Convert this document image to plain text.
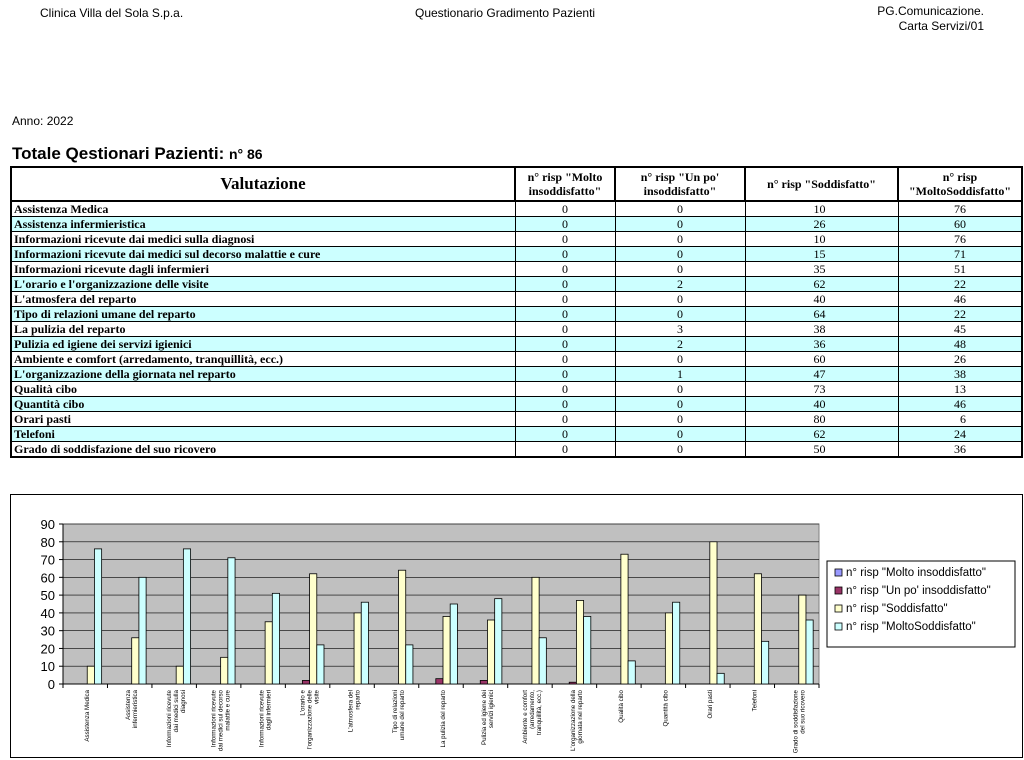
Clinica Villa del Sola S.p.a.	Questionario Gradimento Pazienti	PG.Comunicazione.
Carta Servizi/01
Anno: 2022
Totale Qestionari Pazienti: n° 86
Valutazione	n° risp "Molto insoddisfatto"	n° risp "Un po' insoddisfatto"	n° risp "Soddisfatto"	n° risp "MoltoSoddisfatto"
Assistenza Medica	0	0	10	76
Assistenza infermieristica	0	0	26	60
Informazioni ricevute dai medici sulla diagnosi	0	0	10	76
Informazioni ricevute dai medici sul decorso malattie e cure	0	0	15	71
Informazioni ricevute dagli infermieri	0	0	35	51
L'orario e l'organizzazione delle visite	0	2	62	22
L'atmosfera del reparto	0	0	40	46
Tipo di relazioni umane del reparto	0	0	64	22
La pulizia del reparto	0	3	38	45
Pulizia ed igiene dei servizi igienici	0	2	36	48
Ambiente e comfort (arredamento, tranquillità, ecc.)	0	0	60	26
L'organizzazione della giornata nel reparto	0	1	47	38
Qualità cibo	0	0	73	13
Quantità cibo	0	0	40	46
Orari pasti	0	0	80	6
Telefoni	0	0	62	24
Grado di soddisfazione del suo ricovero	0	0	50	36
0
10
20
30
40
50
60
70
80
90
Assistenza Medica	Assistenzainfermieristica	Informazioni ricevutedai medici sulladiagnosi	Informazioni ricevutedai medici sul decorsomalattie e cure	Informazioni ricevutedagli infermieri	L'orario el'organizzazione dellevisite	L'atmosfera delreparto	Tipo di relazioniumane del reparto	La pulizia del reparto	Pulizia ed igiene deiservizi igienici	Ambiente e comfort(arredamento,tranquillità, ecc.)	L'organizzazione dellagiornata nel reparto	Qualità cibo	Quantità cibo	Orari pasti	Telefoni	Grado di soddisfazionedel suo ricovero
n° risp "Molto insoddisfatto"
n° risp "Un po' insoddisfatto"
n° risp "Soddisfatto"
n° risp "MoltoSoddisfatto"
